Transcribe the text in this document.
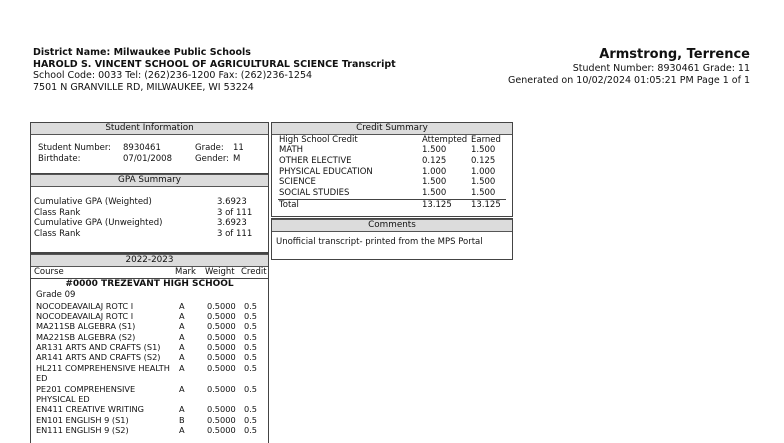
District Name: Milwaukee Public Schools
HAROLD S. VINCENT SCHOOL OF AGRICULTURAL SCIENCE Transcript
School Code: 0033 Tel: (262)236-1200 Fax: (262)236-1254
7501 N GRANVILLE RD, MILWAUKEE, WI 53224
Armstrong, Terrence
Student Number: 8930461 Grade: 11
Generated on 10/02/2024 01:05:21 PM Page 1 of 1
Student Information
Student Number: 8930461	Grade: 11
Birthdate:	07/01/2008	Gender: M
GPA Summary
Cumulative GPA (Weighted)	3.6923
Class Rank	3 of 111
Cumulative GPA (Unweighted)	3.6923
Class Rank	3 of 111
2022-2023
Course	Mark Weight Credit
#0000 TREZEVANT HIGH SCHOOL
Grade 09
NOCODEAVAILAJ ROTC I	A	0.5000 0.5
NOCODEAVAILAJ ROTC I	A	0.5000 0.5
MA211SB ALGEBRA (S1)	A	0.5000 0.5
MA221SB ALGEBRA (S2)	A	0.5000 0.5
AR131 ARTS AND CRAFTS (S1)	A	0.5000 0.5
AR141 ARTS AND CRAFTS (S2)	A	0.5000 0.5
HL211 COMPREHENSIVE HEALTH ED
A	0.5000 0.5
PE201 COMPREHENSIVE PHYSICAL ED
A	0.5000 0.5
EN411 CREATIVE WRITING	A	0.5000 0.5
EN101 ENGLISH 9 (S1)	B	0.5000 0.5
EN111 ENGLISH 9 (S2)	A	0.5000 0.5
Credit Summary
High School Credit	Attempted Earned
MATH	1.500	1.500
OTHER ELECTIVE	0.125	0.125
PHYSICAL EDUCATION	1.000	1.000
SCIENCE	1.500	1.500
SOCIAL STUDIES	1.500	1.500
Total	13.125 13.125
Comments
Unofficial transcript- printed from the MPS Portal
